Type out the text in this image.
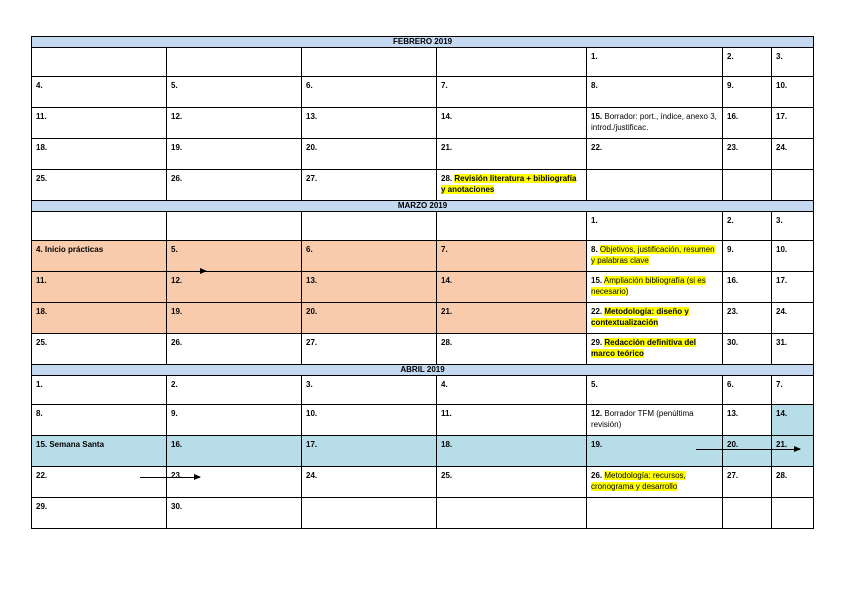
FEBRERO 2019						
				1.	2.	3.
4.	5.	6.	7.	8.	9.	10.
11.	12.	13.	14.	15. Borrador: port., índice, anexo 3, introd./justificac.	16.	17.
18.	19.	20.	21.	22.	23.	24.
25.	26.	27.	28. Revisión literatura + bibliografía y anotaciones			
MARZO 2019						
				1.	2.	3.
4. Inicio prácticas	5.	6.	7.	8. Objetivos, justificación, resumen y palabras clave	9.	10.
11.	12.	13.	14.	15. Ampliación bibliografía (si es necesario)	16.	17.
18.	19.	20.	21.	22. Metodología: diseño y contextualización	23.	24.
25.	26.	27.	28.	29. Redacción definitiva del marco teórico	30.	31.
ABRIL 2019						
1.	2.	3.	4.	5.	6.	7.
8.	9.	10.	11.	12. Borrador TFM (penúltima revisión)	13.	14.
15. Semana Santa	16.	17.	18.	19.	20.	21.
22.	23.	24.	25.	26. Metodología: recursos, cronograma y desarrollo	27.	28.
29.	30.					
